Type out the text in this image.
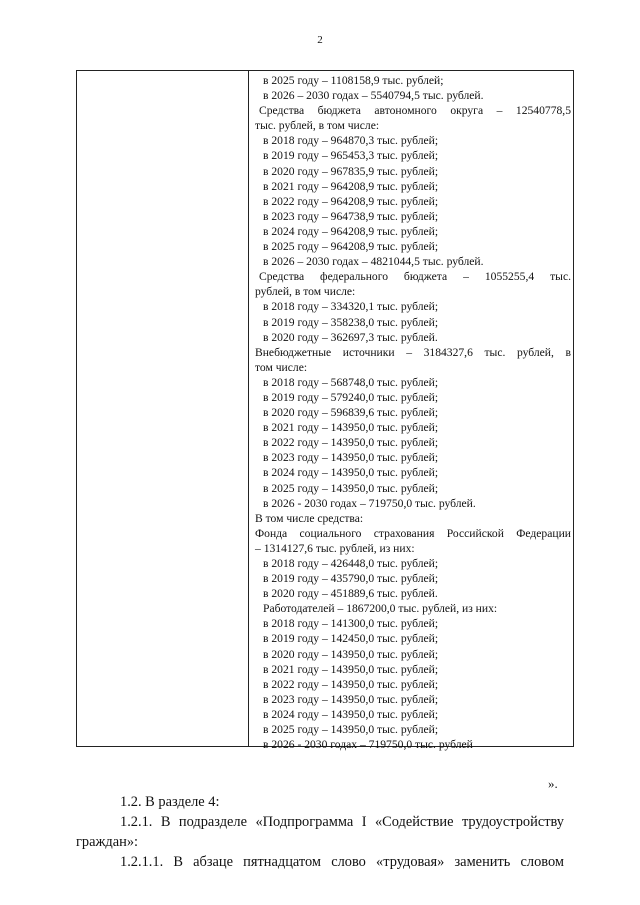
2
в 2025 году – 1108158,9 тыс. рублей;
в 2026 – 2030 годах – 5540794,5 тыс. рублей.
Средства бюджета автономного округа – 12540778,5
тыс. рублей, в том числе:
в 2018 году – 964870,3 тыс. рублей;
в 2019 году – 965453,3 тыс. рублей;
в 2020 году – 967835,9 тыс. рублей;
в 2021 году – 964208,9 тыс. рублей;
в 2022 году – 964208,9 тыс. рублей;
в 2023 году – 964738,9 тыс. рублей;
в 2024 году – 964208,9 тыс. рублей;
в 2025 году – 964208,9 тыс. рублей;
в 2026 – 2030 годах – 4821044,5 тыс. рублей.
Средства федерального бюджета – 1055255,4 тыс.
рублей, в том числе:
в 2018 году – 334320,1 тыс. рублей;
в 2019 году – 358238,0 тыс. рублей;
в 2020 году – 362697,3 тыс. рублей.
Внебюджетные источники – 3184327,6 тыс. рублей, в
том числе:
в 2018 году – 568748,0 тыс. рублей;
в 2019 году – 579240,0 тыс. рублей;
в 2020 году – 596839,6 тыс. рублей;
в 2021 году – 143950,0 тыс. рублей;
в 2022 году – 143950,0 тыс. рублей;
в 2023 году – 143950,0 тыс. рублей;
в 2024 году – 143950,0 тыс. рублей;
в 2025 году – 143950,0 тыс. рублей;
в 2026 - 2030 годах – 719750,0 тыс. рублей.
В том числе средства:
Фонда социального страхования Российской Федерации
– 1314127,6 тыс. рублей, из них:
в 2018 году – 426448,0 тыс. рублей;
в 2019 году – 435790,0 тыс. рублей;
в 2020 году – 451889,6 тыс. рублей.
Работодателей – 1867200,0 тыс. рублей, из них:
в 2018 году – 141300,0 тыс. рублей;
в 2019 году – 142450,0 тыс. рублей;
в 2020 году – 143950,0 тыс. рублей;
в 2021 году – 143950,0 тыс. рублей;
в 2022 году – 143950,0 тыс. рублей;
в 2023 году – 143950,0 тыс. рублей;
в 2024 году – 143950,0 тыс. рублей;
в 2025 году – 143950,0 тыс. рублей;
в 2026 - 2030 годах – 719750,0 тыс. рублей
».
1.2. В разделе 4:
1.2.1. В подразделе «Подпрограмма I «Содействие трудоустройству граждан»:
1.2.1.1. В абзаце пятнадцатом слово «трудовая» заменить словом
